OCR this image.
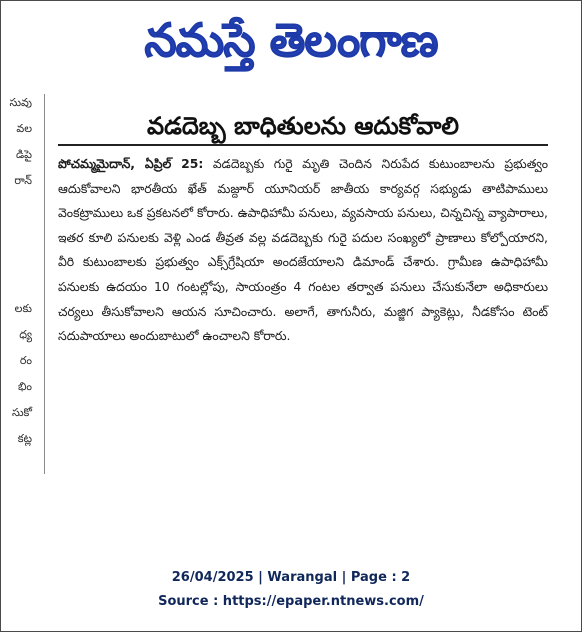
నమస్తే తెలంగాణ
సువు
వల
డిపై
రాన్
లకు
ధ్య
రం
భిం
సుకో
కట్ల
వడదెబ్బ బాధితులను ఆదుకోవాలి

పోచమ్మమైదాన్, ఏప్రిల్ 25: వడదెబ్బకు గురై మృతి చెందిన నిరుపేద కుటుంబాలను ప్రభుత్వం ఆదుకోవాలని భారతీయ ఖేత్ మజ్దూర్ యూనియర్ జాతీయ కార్యవర్గ సభ్యుడు తాటిపాములు వెంకట్రాములు ఒక ప్రకటనలో కోరారు. ఉపాధిహామీ పనులు, వ్యవసాయ పనులు, చిన్నచిన్న వ్యాపారాలు, ఇతర కూలి పనులకు వెళ్లి ఎండ తీవ్రత వల్ల వడదెబ్బకు గురై పదుల సంఖ్యలో ప్రాణాలు కోల్పోయారని, వీరి కుటుంబాలకు ప్రభుత్వం ఎక్స్‌గ్రేషియా అందజేయాలని డిమాండ్ చేశారు. గ్రామీణ ఉపాధిహామీ పనులకు ఉదయం 10 గంటల్లోపు, సాయంత్రం 4 గంటల తర్వాత పనులు చేసుకునేలా అధికారులు చర్యలు తీసుకోవాలని ఆయన సూచించారు. అలాగే, తాగునీరు, మజ్జిగ ప్యాకెట్లు, నీడకోసం టెంట్ సదుపాయాలు అందుబాటులో ఉంచాలని కోరారు.

26/04/2025 | Warangal | Page : 2
Source : https://epaper.ntnews.com/
